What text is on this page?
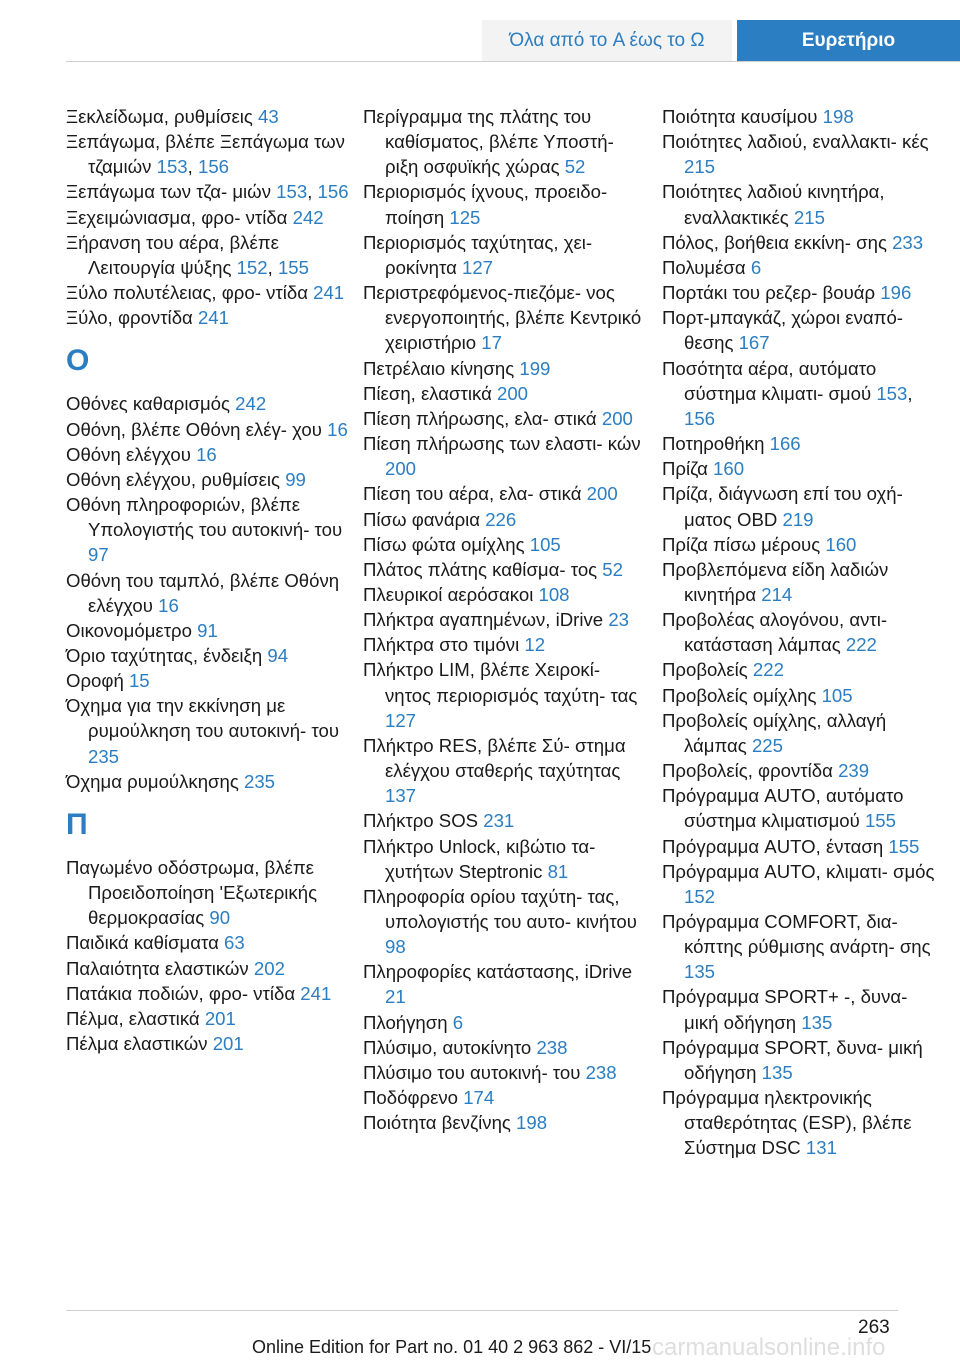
Όλα από το A έως το Ω	Ευρετήριο
Ξεκλείδωμα, ρυθμίσεις 43
Ξεπάγωμα, βλέπε Ξεπάγωμα των τζαμιών 153, 156
Ξεπάγωμα των τζα‐ μιών 153, 156
Ξεχειμώνιασμα, φρο‐ ντίδα 242
Ξήρανση του αέρα, βλέπε Λειτουργία ψύξης 152, 155
Ξύλο πολυτέλειας, φρο‐ ντίδα 241
Ξύλο, φροντίδα 241
Ο
Οθόνες καθαρισμός 242
Οθόνη, βλέπε Οθόνη ελέγ‐ χου 16
Οθόνη ελέγχου 16
Οθόνη ελέγχου, ρυθμίσεις 99
Οθόνη πληροφοριών, βλέπε Υπολογιστής του αυτοκινή‐ του 97
Οθόνη του ταμπλό, βλέπε Οθόνη ελέγχου 16
Οικονομόμετρο 91
Όριο ταχύτητας, ένδειξη 94
Οροφή 15
Όχημα για την εκκίνηση με ρυμούλκηση του αυτοκινή‐ του 235
Όχημα ρυμούλκησης 235
Π
Παγωμένο οδόστρωμα, βλέπε Προειδοποίηση 'Εξωτερικής θερμοκρασίας 90
Παιδικά καθίσματα 63
Παλαιότητα ελαστικών 202
Πατάκια ποδιών, φρο‐ ντίδα 241
Πέλμα, ελαστικά 201
Πέλμα ελαστικών 201
Περίγραμμα της πλάτης του καθίσματος, βλέπε Υποστή‐ ριξη οσφυϊκής χώρας 52
Περιορισμός ίχνους, προειδο‐ ποίηση 125
Περιορισμός ταχύτητας, χει‐ ροκίνητα 127
Περιστρεφόμενος-πιεζόμε‐ νος ενεργοποιητής, βλέπε Κεντρικό χειριστήριο 17
Πετρέλαιο κίνησης 199
Πίεση, ελαστικά 200
Πίεση πλήρωσης, ελα‐ στικά 200
Πίεση πλήρωσης των ελαστι‐ κών 200
Πίεση του αέρα, ελα‐ στικά 200
Πίσω φανάρια 226
Πίσω φώτα ομίχλης 105
Πλάτος πλάτης καθίσμα‐ τος 52
Πλευρικοί αερόσακοι 108
Πλήκτρα αγαπημένων, iDrive 23
Πλήκτρα στο τιμόνι 12
Πλήκτρο LIM, βλέπε Χειροκί‐ νητος περιορισμός ταχύτη‐ τας 127
Πλήκτρο RES, βλέπε Σύ‐ στημα ελέγχου σταθερής ταχύτητας 137
Πλήκτρο SOS 231
Πλήκτρο Unlock, κιβώτιο τα‐ χυτήτων Steptronic 81
Πληροφορία ορίου ταχύτη‐ τας, υπολογιστής του αυτο‐ κινήτου 98
Πληροφορίες κατάστασης, iDrive 21
Πλοήγηση 6
Πλύσιμο, αυτοκίνητο 238
Πλύσιμο του αυτοκινή‐ του 238
Ποδόφρενο 174
Ποιότητα βενζίνης 198
Ποιότητα καυσίμου 198
Ποιότητες λαδιού, εναλλακτι‐ κές 215
Ποιότητες λαδιού κινητήρα, εναλλακτικές 215
Πόλος, βοήθεια εκκίνη‐ σης 233
Πολυμέσα 6
Πορτάκι του ρεζερ‐ βουάρ 196
Πορτ-μπαγκάζ, χώροι εναπό‐ θεσης 167
Ποσότητα αέρα, αυτόματο σύστημα κλιματι‐ σμού 153, 156
Ποτηροθήκη 166
Πρίζα 160
Πρίζα, διάγνωση επί του οχή‐ ματος OBD 219
Πρίζα πίσω μέρους 160
Προβλεπόμενα είδη λαδιών κινητήρα 214
Προβολέας αλογόνου, αντι‐ κατάσταση λάμπας 222
Προβολείς 222
Προβολείς ομίχλης 105
Προβολείς ομίχλης, αλλαγή λάμπας 225
Προβολείς, φροντίδα 239
Πρόγραμμα AUTO, αυτόματο σύστημα κλιματισμού 155
Πρόγραμμα AUTO, ένταση 155
Πρόγραμμα AUTO, κλιματι‐ σμός 152
Πρόγραμμα COMFORT, δια‐ κόπτης ρύθμισης ανάρτη‐ σης 135
Πρόγραμμα SPORT+ -, δυνα‐ μική οδήγηση 135
Πρόγραμμα SPORT, δυνα‐ μική οδήγηση 135
Πρόγραμμα ηλεκτρονικής σταθερότητας (ESP), βλέπε Σύστημα DSC 131
263
Online Edition for Part no. 01 40 2 963 862 - VI/15 carmanualsonline.info
